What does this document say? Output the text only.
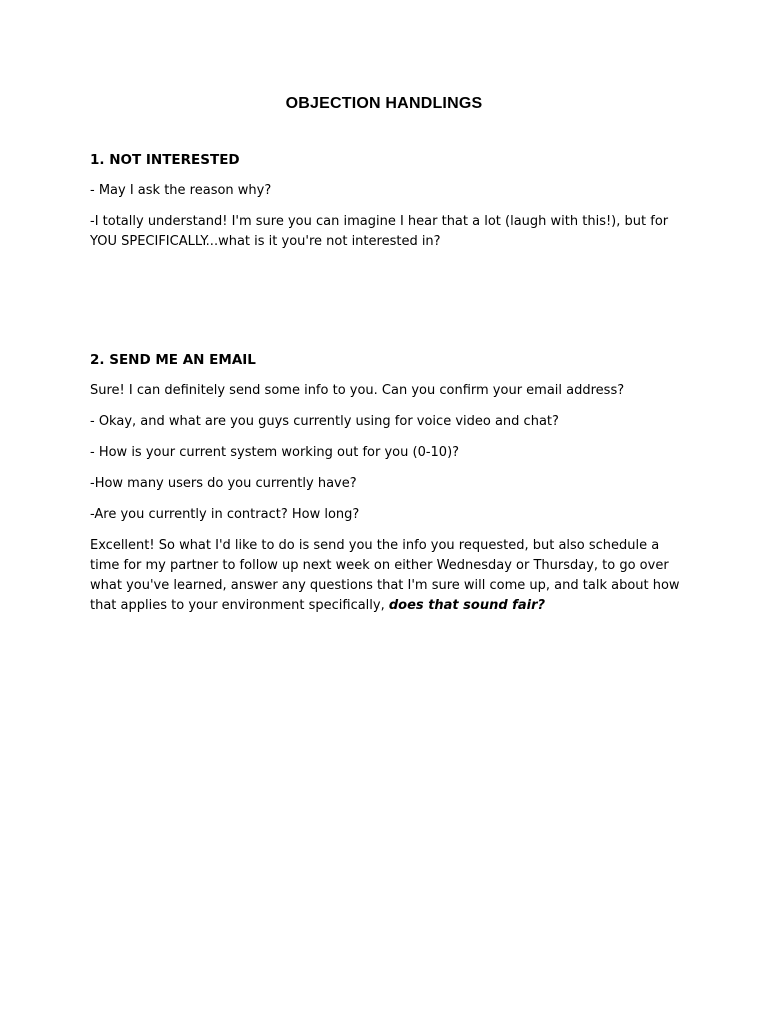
OBJECTION HANDLINGS
1. NOT INTERESTED
- May I ask the reason why?
-I totally understand! I'm sure you can imagine I hear that a lot (laugh with this!), but for YOU SPECIFICALLY...what is it you're not interested in?
2. SEND ME AN EMAIL
Sure! I can definitely send some info to you. Can you confirm your email address?
- Okay, and what are you guys currently using for voice video and chat?
- How is your current system working out for you (0-10)?
-How many users do you currently have?
-Are you currently in contract? How long?
Excellent! So what I'd like to do is send you the info you requested, but also schedule a time for my partner to follow up next week on either Wednesday or Thursday, to go over what you've learned, answer any questions that I'm sure will come up, and talk about how that applies to your environment specifically, does that sound fair?
